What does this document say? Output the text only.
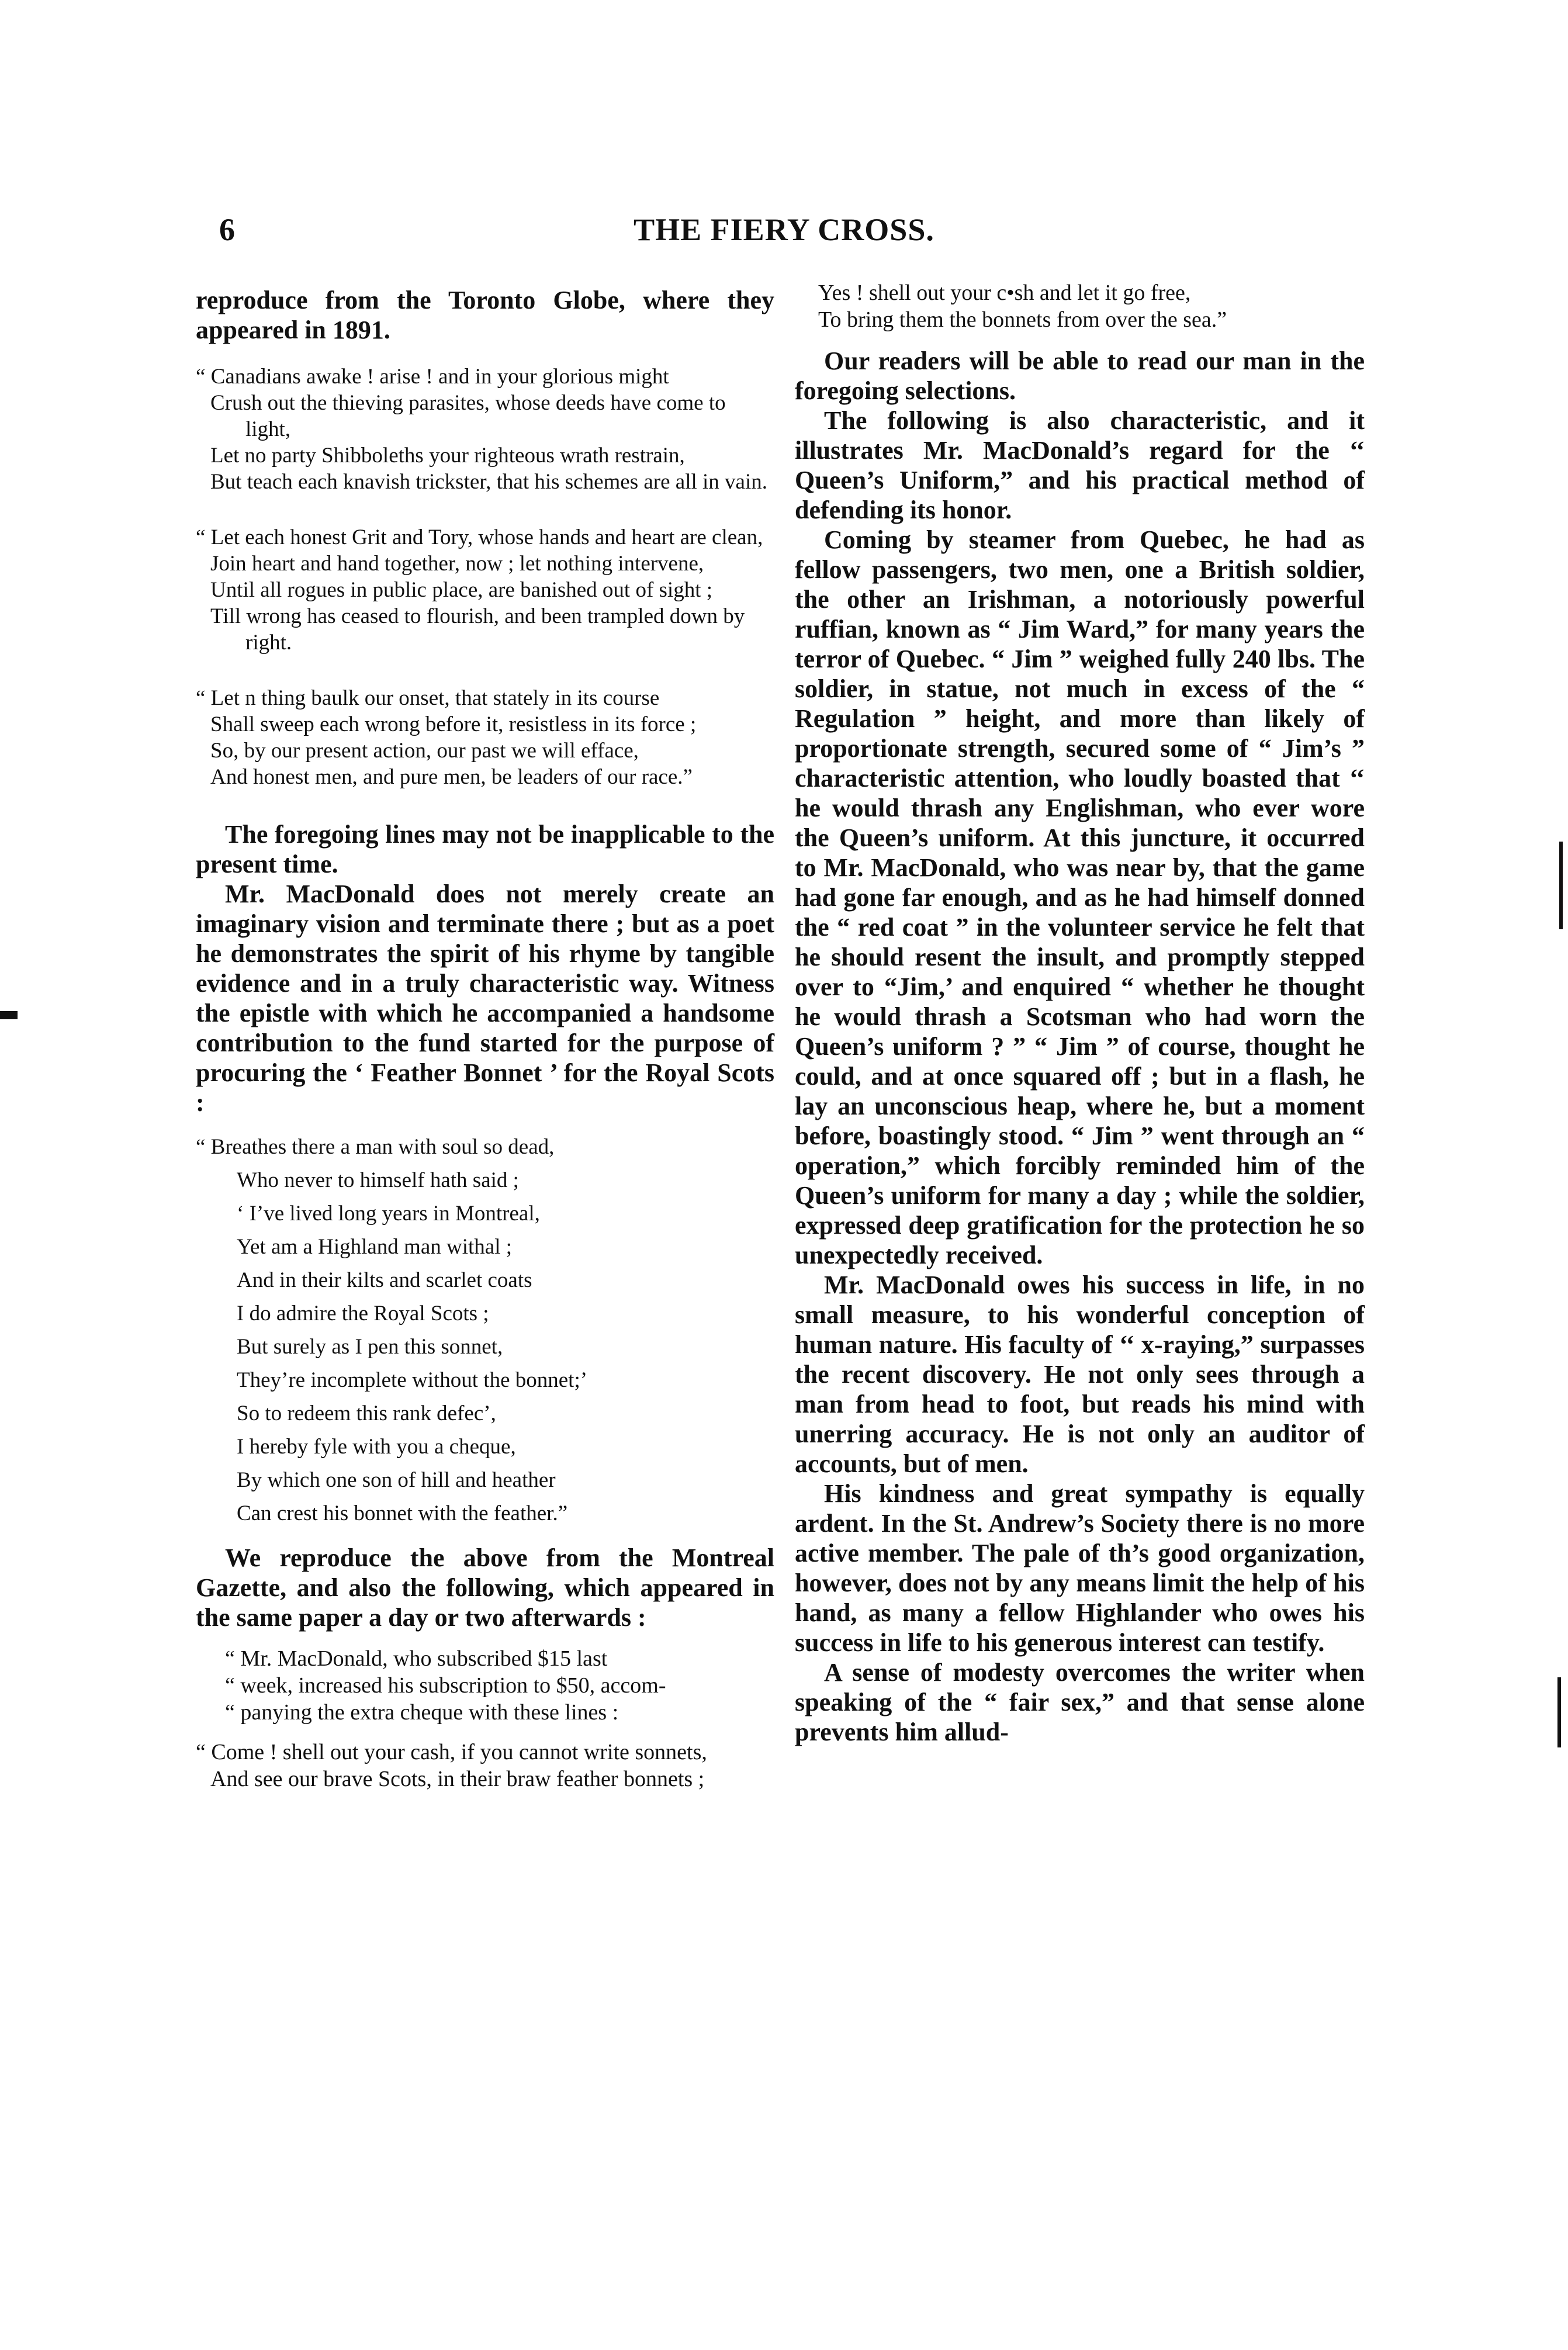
6	THE FIERY CROSS.

reproduce from the Toronto Globe, where they appeared in 1891.

“ Canadians awake ! arise ! and in your glorious might

Crush out the thieving parasites, whose deeds have come to light,

Let no party Shibboleths your righteous wrath restrain,

But teach each knavish trickster, that his schemes are all in vain.

“ Let each honest Grit and Tory, whose hands and heart are clean,

Join heart and hand together, now ; let nothing intervene,

Until all rogues in public place, are banished out of sight ;

Till wrong has ceased to flourish, and been trampled down by right.

“ Let n thing baulk our onset, that stately in its course

Shall sweep each wrong before it, resistless in its force ;

So, by our present action, our past we will efface,

And honest men, and pure men, be leaders of our race.”

The foregoing lines may not be inapplicable to the present time.

Mr. MacDonald does not merely create an imaginary vision and terminate there ; but as a poet he demonstrates the spirit of his rhyme by tangible evidence and in a truly characteristic way. Witness the epistle with which he accompanied a handsome contribution to the fund started for the purpose of procuring the ‘ Feather Bonnet ’ for the Royal Scots :

“ Breathes there a man with soul so dead,

Who never to himself hath said ;

‘ I’ve lived long years in Montreal,

Yet am a Highland man withal ;

And in their kilts and scarlet coats

I do admire the Royal Scots ;

But surely as I pen this sonnet,

They’re incomplete without the bonnet;’

So to redeem this rank defec’,

I hereby fyle with you a cheque,

By which one son of hill and heather

Can crest his bonnet with the feather.”

We reproduce the above from the Montreal Gazette, and also the following, which appeared in the same paper a day or two afterwards :

“ Mr. MacDonald, who subscribed $15 last

“ week, increased his subscription to $50, accom-

“ panying the extra cheque with these lines :

“ Come ! shell out your cash, if you cannot write sonnets,

And see our brave Scots, in their braw feather bonnets ;

Yes ! shell out your c•sh and let it go free,

To bring them the bonnets from over the sea.”

Our readers will be able to read our man in the foregoing selections.

The following is also characteristic, and it illustrates Mr. MacDonald’s regard for the ‘‘ Queen’s Uniform,” and his practical method of defending its honor.

Coming by steamer from Quebec, he had as fellow passengers, two men, one a British soldier, the other an Irishman, a notoriously powerful ruffian, known as “ Jim Ward,” for many years the terror of Quebec. “ Jim ” weighed fully 240 lbs. The soldier, in statue, not much in excess of the “ Regulation ” height, and more than likely of proportionate strength, secured some of “ Jim’s ” characteristic attention, who loudly boasted that ‘‘ he would thrash any Englishman, who ever wore the Queen’s uniform. At this juncture, it occurred to Mr. MacDonald, who was near by, that the game had gone far enough, and as he had himself donned the “ red coat ” in the volunteer service he felt that he should resent the insult, and promptly stepped over to “Jim,’ and enquired “ whether he thought he would thrash a Scotsman who had worn the Queen’s uniform ? ” “ Jim ” of course, thought he could, and at once squared off ; but in a flash, he lay an unconscious heap, where he, but a moment before, boastingly stood. “ Jim ” went through an “ operation,” which forcibly reminded him of the Queen’s uniform for many a day ; while the soldier, expressed deep gratification for the protection he so unexpectedly received.

Mr. MacDonald owes his success in life, in no small measure, to his wonderful conception of human nature. His faculty of ‘‘ x-raying,” surpasses the recent discovery. He not only sees through a man from head to foot, but reads his mind with unerring accuracy. He is not only an auditor of accounts, but of men.

His kindness and great sympathy is equally ardent. In the St. Andrew’s Society there is no more active member. The pale of th’s good organization, however, does not by any means limit the help of his hand, as many a fellow Highlander who owes his success in life to his generous interest can testify.

A sense of modesty overcomes the writer when speaking of the “ fair sex,” and that sense alone prevents him allud-
